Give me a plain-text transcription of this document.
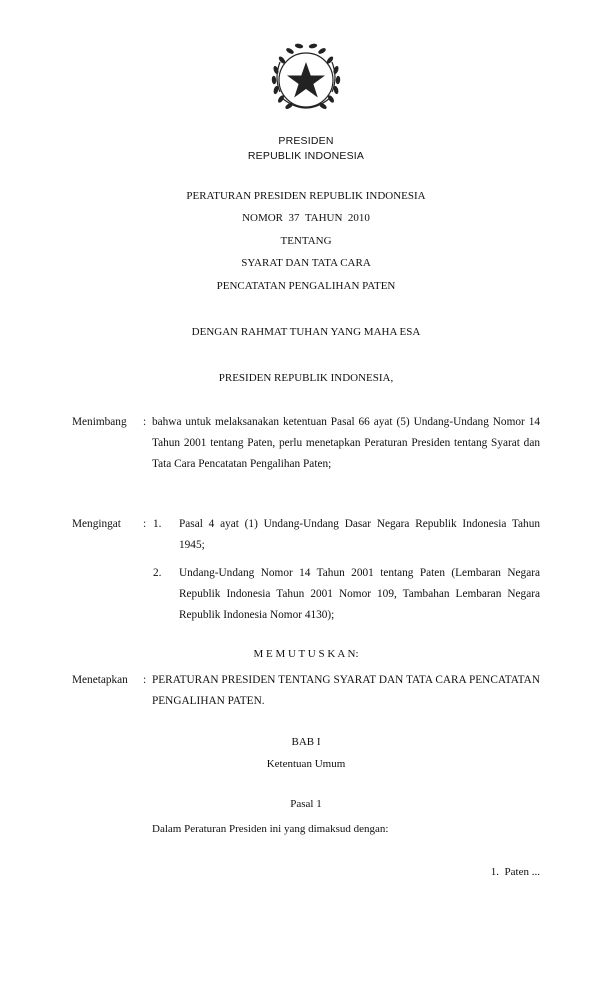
PRESIDEN
REPUBLIK INDONESIA
PERATURAN PRESIDEN REPUBLIK INDONESIA
NOMOR  37  TAHUN  2010
TENTANG
SYARAT DAN TATA CARA
PENCATATAN PENGALIHAN PATEN
DENGAN RAHMAT TUHAN YANG MAHA ESA
PRESIDEN REPUBLIK INDONESIA,
Menimbang : bahwa untuk melaksanakan ketentuan Pasal 66 ayat (5) Undang-Undang Nomor 14 Tahun 2001 tentang Paten, perlu menetapkan Peraturan Presiden tentang Syarat dan Tata Cara Pencatatan Pengalihan Paten;
Mengingat : 1. Pasal 4 ayat (1) Undang-Undang Dasar Negara Republik Indonesia Tahun 1945;
2. Undang-Undang Nomor 14 Tahun 2001 tentang Paten (Lembaran Negara Republik Indonesia Tahun 2001 Nomor 109, Tambahan Lembaran Negara Republik Indonesia Nomor 4130);
M E M U T U S K A N:
Menetapkan : PERATURAN PRESIDEN TENTANG SYARAT DAN TATA CARA PENCATATAN  PENGALIHAN PATEN.
BAB I
Ketentuan Umum
Pasal 1
Dalam Peraturan Presiden ini yang dimaksud dengan:
1.  Paten ...
